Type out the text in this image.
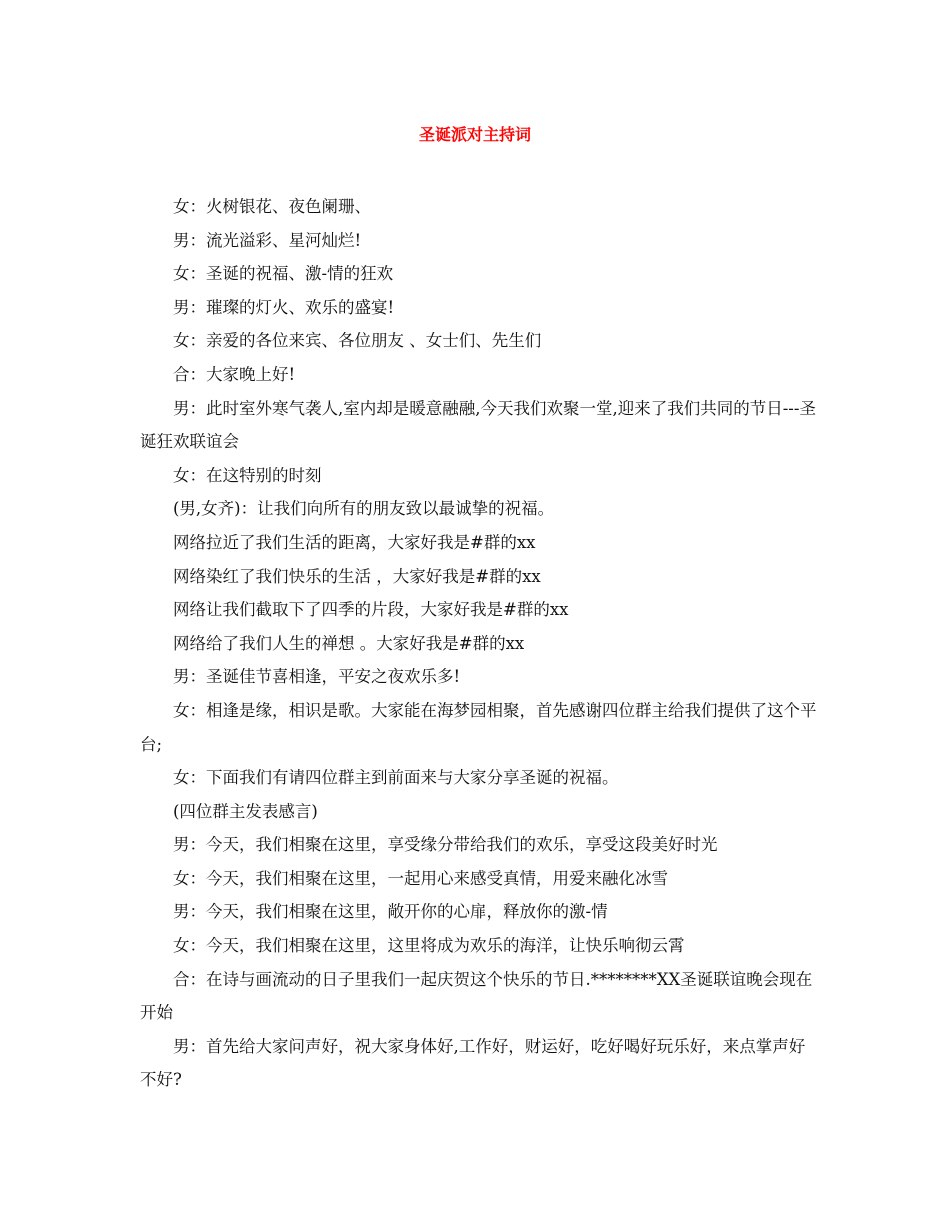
圣诞派对主持词

女：火树银花、夜色阑珊、

男：流光溢彩、星河灿烂!

女：圣诞的祝福、激-情的狂欢

男：璀璨的灯火、欢乐的盛宴!

女：亲爱的各位来宾、各位朋友 、女士们、先生们

合：大家晚上好!

男：此时室外寒气袭人,室内却是暖意融融,今天我们欢聚一堂,迎来了我们共同的节日---圣诞狂欢联谊会

女：在这特别的时刻

(男,女齐)：让我们向所有的朋友致以最诚挚的祝福。

网络拉近了我们生活的距离，大家好我是#群的xx

网络染红了我们快乐的生活 ，大家好我是#群的xx

网络让我们截取下了四季的片段，大家好我是#群的xx

网络给了我们人生的禅想 。大家好我是#群的xx

男：圣诞佳节喜相逢，平安之夜欢乐多!

女：相逢是缘，相识是歌。大家能在海梦园相聚，首先感谢四位群主给我们提供了这个平台;

女：下面我们有请四位群主到前面来与大家分享圣诞的祝福。

(四位群主发表感言)

男：今天，我们相聚在这里，享受缘分带给我们的欢乐，享受这段美好时光

女：今天，我们相聚在这里，一起用心来感受真情，用爱来融化冰雪

男：今天，我们相聚在这里，敞开你的心扉，释放你的激-情

女：今天，我们相聚在这里，这里将成为欢乐的海洋，让快乐响彻云霄

合：在诗与画流动的日子里我们一起庆贺这个快乐的节日.********XX圣诞联谊晚会现在开始

男：首先给大家问声好，祝大家身体好,工作好，财运好，吃好喝好玩乐好，来点掌声好不好?
